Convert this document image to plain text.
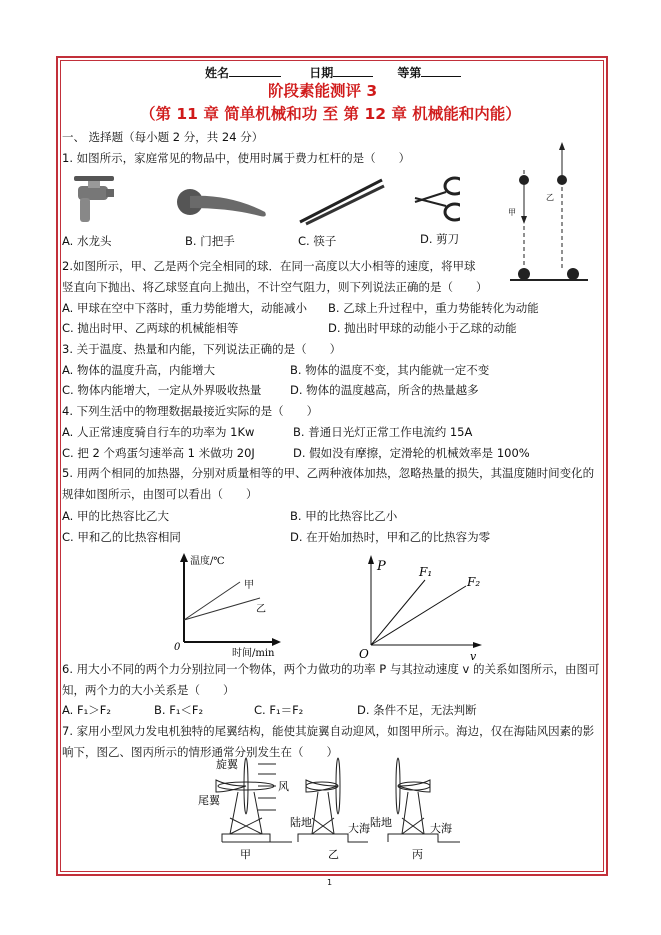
姓名	日期	等第
阶段素能测评 3
（第 11 章 简单机械和功 至 第 12 章 机械能和内能）
一、 选择题（每小题 2 分，共 24 分）
1. 如图所示，家庭常见的物品中，使用时属于费力杠杆的是（　　）
A. 水龙头	B. 门把手	C. 筷子	D. 剪刀
甲
乙
2.如图所示，甲、乙是两个完全相同的球．在同一高度以大小相等的速度，将甲球
竖直向下抛出、将乙球竖直向上抛出，不计空气阻力，则下列说法正确的是（　　）
A. 甲球在空中下落时，重力势能增大，动能减小 B. 乙球上升过程中，重力势能转化为动能
C. 抛出时甲、乙两球的机械能相等	D. 抛出时甲球的动能小于乙球的动能
3. 关于温度、热量和内能，下列说法正确的是（　　）
A. 物体的温度升高，内能增大	B. 物体的温度不变，其内能就一定不变
C. 物体内能增大，一定从外界吸收热量 D. 物体的温度越高，所含的热量越多
4. 下列生活中的物理数据最接近实际的是（　　）
A. 人正常速度骑自行车的功率为 1Kw	B. 普通日光灯正常工作电流约 15A
C. 把 2 个鸡蛋匀速举高 1 米做功 20J	D. 假如没有摩擦，定滑轮的机械效率是 100%
5. 用两个相同的加热器，分别对质量相等的甲、乙两种液体加热，忽略热量的损失，其温度随时间变化的
规律如图所示，由图可以看出（　　）
A. 甲的比热容比乙大	B. 甲的比热容比乙小
C. 甲和乙的比热容相同	D. 在开始加热时，甲和乙的比热容为零
温度/℃
时间/min
0
甲
乙
P
v
O
F₁
F₂
6. 用大小不同的两个力分别拉同一个物体，两个力做功的功率 P 与其拉动速度 v 的关系如图所示，由图可
知，两个力的大小关系是（　　）
A. F₁＞F₂	B. F₁＜F₂	C. F₁＝F₂	D. 条件不足，无法判断
7. 家用小型风力发电机独特的尾翼结构，能使其旋翼自动迎风，如图甲所示。海边，仅在海陆风因素的影
响下，图乙、图丙所示的情形通常分别发生在（　　）
旋翼
尾翼
风
甲
陆地	大海
乙
陆地	大海
丙
1
